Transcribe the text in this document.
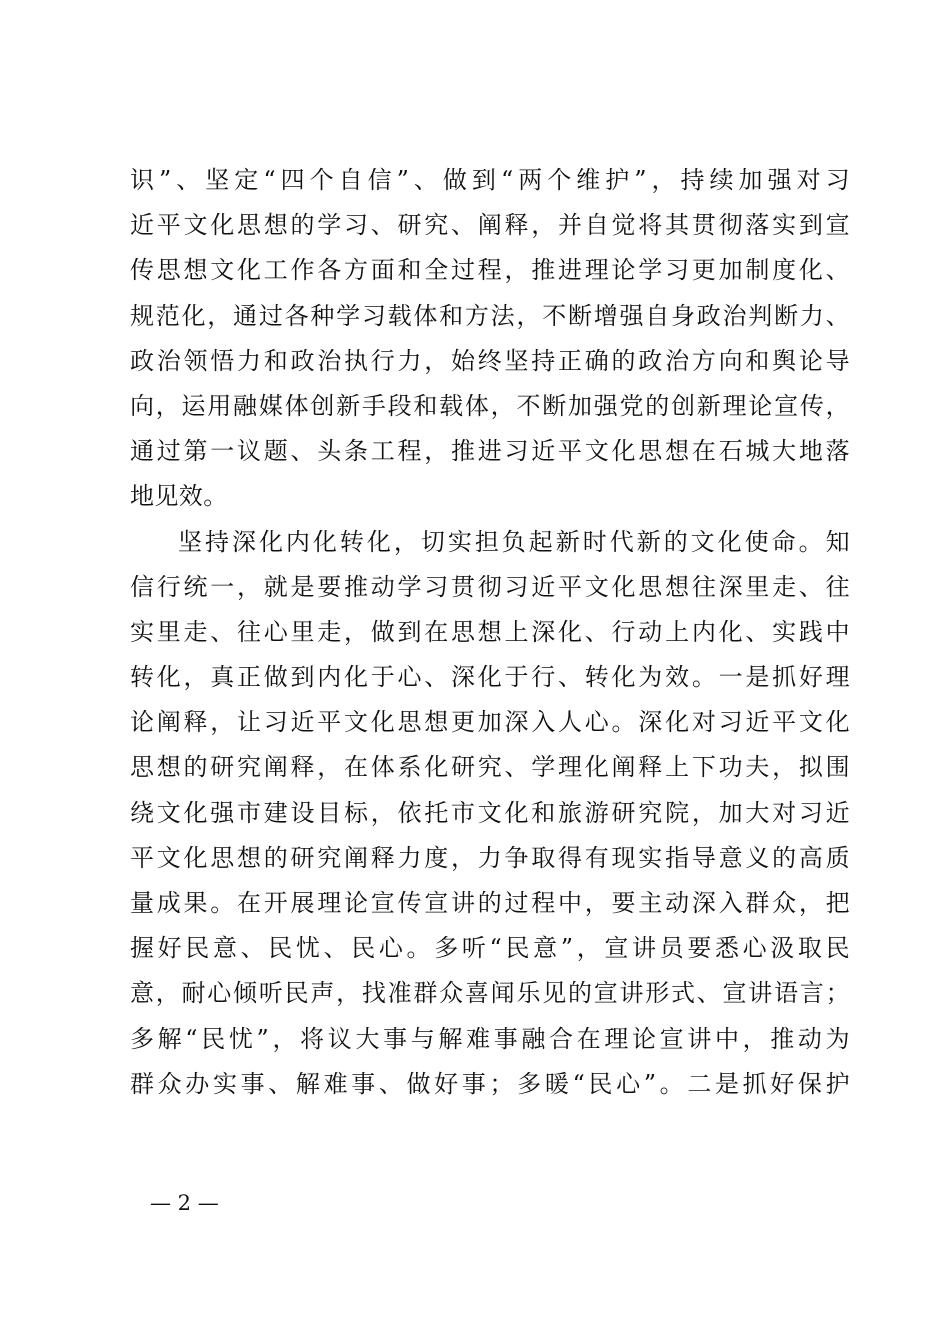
识”、坚定“四个自信”、做到“两个维护”，持续加强对习
近平文化思想的学习、研究、阐释，并自觉将其贯彻落实到宣
传思想文化工作各方面和全过程，推进理论学习更加制度化、
规范化，通过各种学习载体和方法，不断增强自身政治判断力、
政治领悟力和政治执行力，始终坚持正确的政治方向和舆论导
向，运用融媒体创新手段和载体，不断加强党的创新理论宣传，
通过第一议题、头条工程，推进习近平文化思想在石城大地落
地见效。
坚持深化内化转化，切实担负起新时代新的文化使命。知
信行统一，就是要推动学习贯彻习近平文化思想往深里走、往
实里走、往心里走，做到在思想上深化、行动上内化、实践中
转化，真正做到内化于心、深化于行、转化为效。一是抓好理
论阐释，让习近平文化思想更加深入人心。深化对习近平文化
思想的研究阐释，在体系化研究、学理化阐释上下功夫，拟围
绕文化强市建设目标，依托市文化和旅游研究院，加大对习近
平文化思想的研究阐释力度，力争取得有现实指导意义的高质
量成果。在开展理论宣传宣讲的过程中，要主动深入群众，把
握好民意、民忧、民心。多听“民意”，宣讲员要悉心汲取民
意，耐心倾听民声，找准群众喜闻乐见的宣讲形式、宣讲语言；
多解“民忧”，将议大事与解难事融合在理论宣讲中，推动为
群众办实事、解难事、做好事；多暖“民心”。二是抓好保护
— 2 —
